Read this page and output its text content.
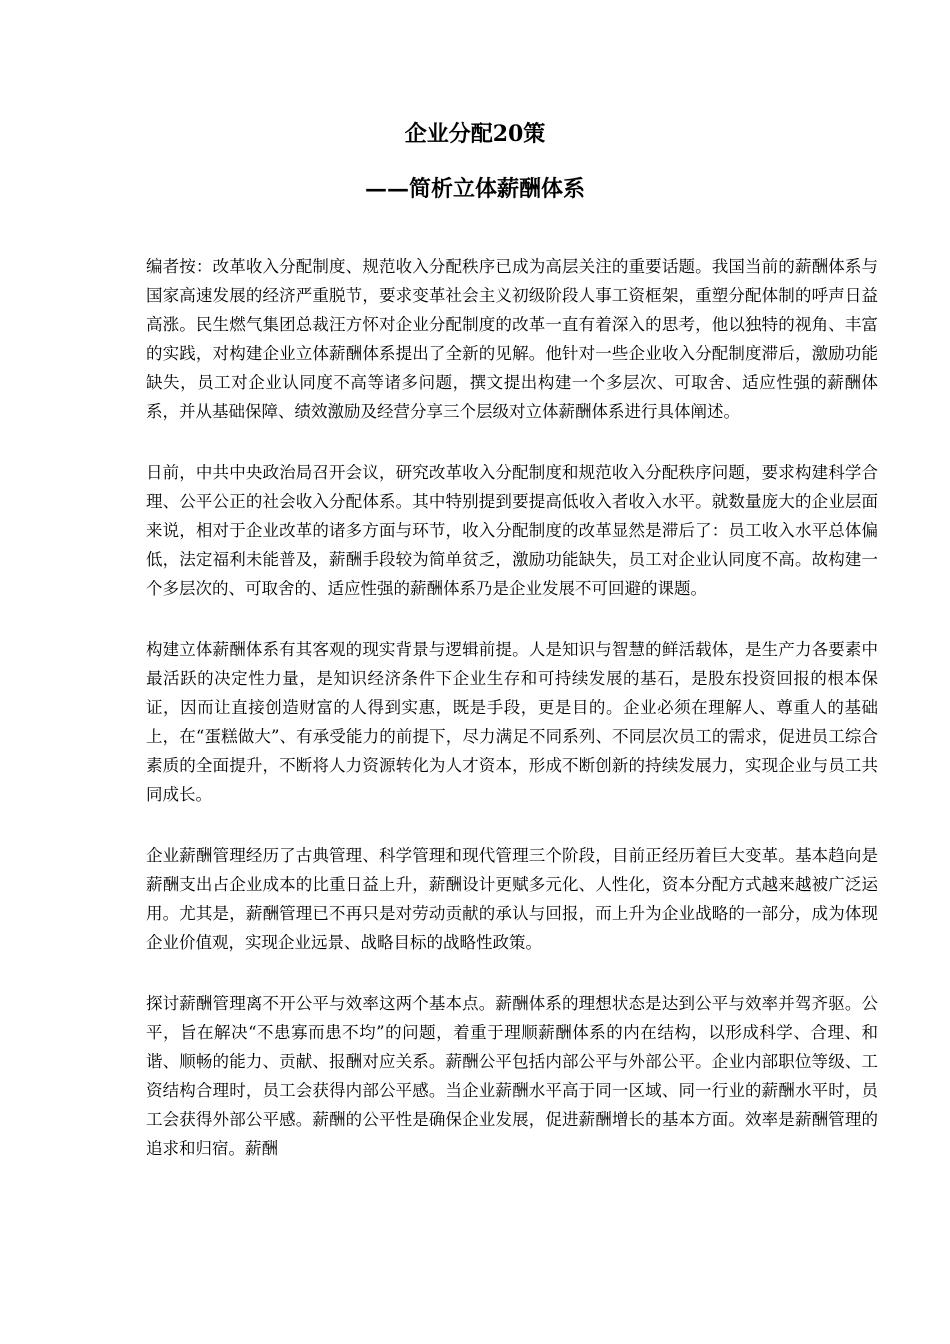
企业分配20策
——简析立体薪酬体系

编者按：改革收入分配制度、规范收入分配秩序已成为高层关注的重要话题。我国当前的薪酬体系与国家高速发展的经济严重脱节，要求变革社会主义初级阶段人事工资框架，重塑分配体制的呼声日益高涨。民生燃气集团总裁汪方怀对企业分配制度的改革一直有着深入的思考，他以独特的视角、丰富的实践，对构建企业立体薪酬体系提出了全新的见解。他针对一些企业收入分配制度滞后，激励功能缺失，员工对企业认同度不高等诸多问题，撰文提出构建一个多层次、可取舍、适应性强的薪酬体系，并从基础保障、绩效激励及经营分享三个层级对立体薪酬体系进行具体阐述。

日前，中共中央政治局召开会议，研究改革收入分配制度和规范收入分配秩序问题，要求构建科学合理、公平公正的社会收入分配体系。其中特别提到要提高低收入者收入水平。就数量庞大的企业层面来说，相对于企业改革的诸多方面与环节，收入分配制度的改革显然是滞后了：员工收入水平总体偏低，法定福利未能普及，薪酬手段较为简单贫乏，激励功能缺失，员工对企业认同度不高。故构建一个多层次的、可取舍的、适应性强的薪酬体系乃是企业发展不可回避的课题。

构建立体薪酬体系有其客观的现实背景与逻辑前提。人是知识与智慧的鲜活载体，是生产力各要素中最活跃的决定性力量，是知识经济条件下企业生存和可持续发展的基石，是股东投资回报的根本保证，因而让直接创造财富的人得到实惠，既是手段，更是目的。企业必须在理解人、尊重人的基础上，在“蛋糕做大”、有承受能力的前提下，尽力满足不同系列、不同层次员工的需求，促进员工综合素质的全面提升，不断将人力资源转化为人才资本，形成不断创新的持续发展力，实现企业与员工共同成长。

企业薪酬管理经历了古典管理、科学管理和现代管理三个阶段，目前正经历着巨大变革。基本趋向是薪酬支出占企业成本的比重日益上升，薪酬设计更赋多元化、人性化，资本分配方式越来越被广泛运用。尤其是，薪酬管理已不再只是对劳动贡献的承认与回报，而上升为企业战略的一部分，成为体现企业价值观，实现企业远景、战略目标的战略性政策。

探讨薪酬管理离不开公平与效率这两个基本点。薪酬体系的理想状态是达到公平与效率并驾齐驱。公平，旨在解决“不患寡而患不均”的问题，着重于理顺薪酬体系的内在结构，以形成科学、合理、和谐、顺畅的能力、贡献、报酬对应关系。薪酬公平包括内部公平与外部公平。企业内部职位等级、工资结构合理时，员工会获得内部公平感。当企业薪酬水平高于同一区域、同一行业的薪酬水平时，员工会获得外部公平感。薪酬的公平性是确保企业发展，促进薪酬增长的基本方面。效率是薪酬管理的追求和归宿。薪酬
